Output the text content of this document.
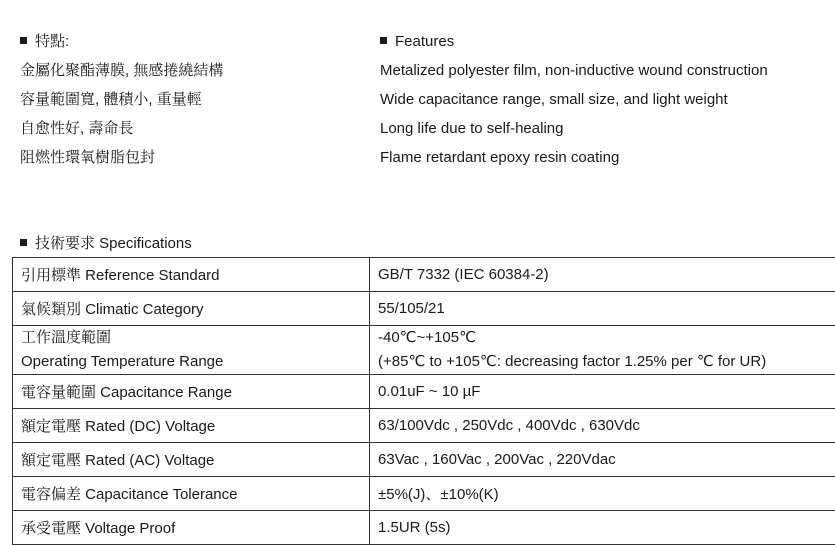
特點:
金屬化聚酯薄膜, 無感捲繞結構
容量範圍寬, 體積小, 重量輕
自愈性好, 壽命長
阻燃性環氧樹脂包封
Features
Metalized polyester film, non-inductive wound construction
Wide capacitance range, small size, and light weight
Long life due to self-healing
Flame retardant epoxy resin coating
技術要求 Specifications
引用標準 Reference Standard	GB/T 7332 (IEC 60384-2)
氣候類別 Climatic Category	55/105/21

工作溫度範圍
Operating Temperature Range	-40℃~+105℃
(+85℃ to +105℃: decreasing factor 1.25% per ℃ for UR)

電容量範圍 Capacitance Range	0.01uF ~ 10 µF
額定電壓 Rated (DC) Voltage	63/100Vdc , 250Vdc , 400Vdc , 630Vdc
額定電壓 Rated (AC) Voltage	63Vac , 160Vac , 200Vac , 220Vdac
電容偏差 Capacitance Tolerance	±5%(J)、±10%(K)
承受電壓 Voltage Proof	1.5UR (5s)
